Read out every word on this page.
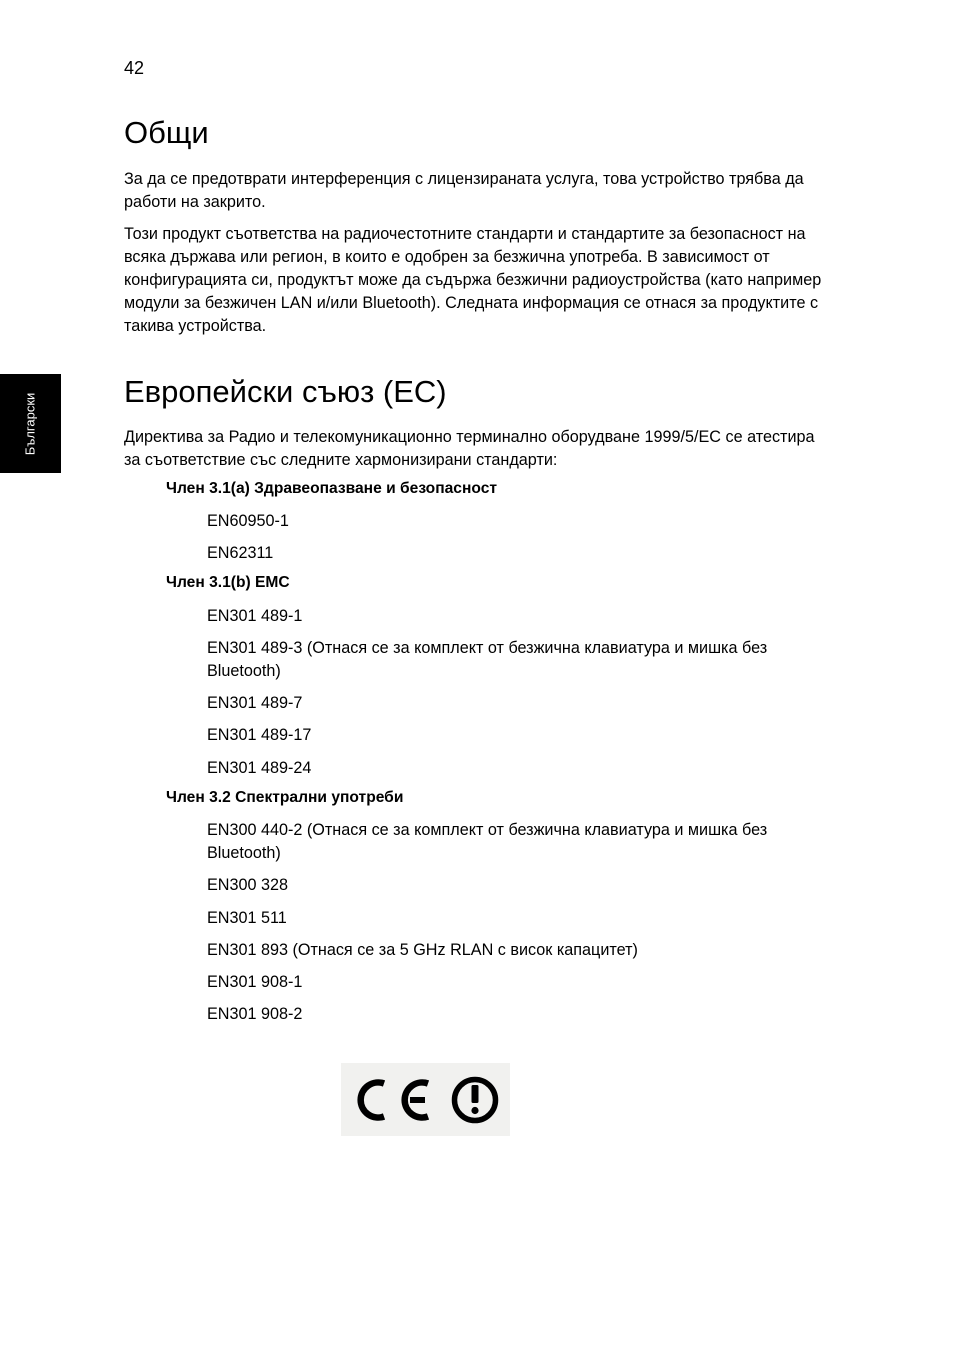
42
Български
Общи

За да се предотврати интерференция с лицензираната услуга, това устройство трябва да работи на закрито.

Този продукт съответства на радиочестотните стандарти и стандартите за безопасност на всяка държава или регион, в които е одобрен за безжична употреба. В зависимост от конфигурацията си, продуктът може да съдържа безжични радиоустройства (като например модули за безжичен LAN и/или Bluetooth). Следната информация се отнася за продуктите с такива устройства.

Европейски съюз (ЕС)

Директива за Радио и телекомуникационно терминално оборудване 1999/5/EC се атестира за съответствие със следните хармонизирани стандарти:

Член 3.1(a) Здравеопазване и безопасност
EN60950-1
EN62311
Член 3.1(b) EMC
EN301 489-1
EN301 489-3 (Отнася се за комплект от безжична клавиатура и мишка без Bluetooth)
EN301 489-7
EN301 489-17
EN301 489-24
Член 3.2 Спектрални употреби
EN300 440-2 (Отнася се за комплект от безжична клавиатура и мишка без Bluetooth)
EN300 328
EN301 511
EN301 893 (Отнася се за 5 GHz RLAN с висок капацитет)
EN301 908-1
EN301 908-2
